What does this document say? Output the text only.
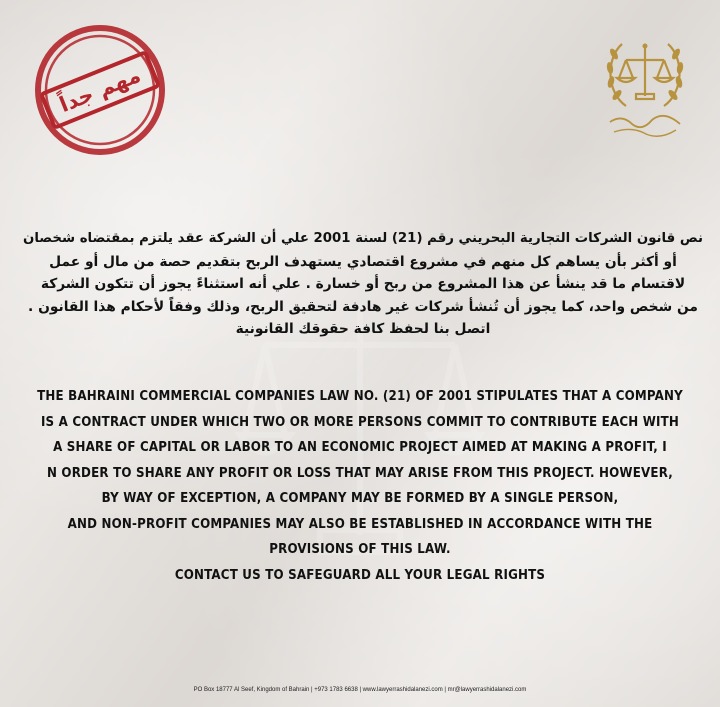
مهم جداً
نص قانون الشركات التجارية البحريني رقم (21) لسنة 2001 علي أن الشركة عقد يلتزم بمقتضاه شخصان
أو أكثر بأن يساهم كل منهم في مشروع اقتصادي يستهدف الربح بتقديم حصة من مال أو عمل
لاقتسام ما قد ينشأ عن هذا المشروع من ربح أو خسارة . علي أنه استثناءً يجوز أن تتكون الشركة
من شخص واحد، كما يجوز أن تُنشأ شركات غير هادفة لتحقيق الربح، وذلك وفقاً لأحكام هذا القانون .
اتصل بنا لحفظ كافة حقوقك القانونية
THE BAHRAINI COMMERCIAL COMPANIES LAW NO. (21) OF 2001 STIPULATES THAT A COMPANY
IS A CONTRACT UNDER WHICH TWO OR MORE PERSONS COMMIT TO CONTRIBUTE EACH WITH
A SHARE OF CAPITAL OR LABOR TO AN ECONOMIC PROJECT AIMED AT MAKING A PROFIT, I
N ORDER TO SHARE ANY PROFIT OR LOSS THAT MAY ARISE FROM THIS PROJECT. HOWEVER,
BY WAY OF EXCEPTION, A COMPANY MAY BE FORMED BY A SINGLE PERSON,
AND NON-PROFIT COMPANIES MAY ALSO BE ESTABLISHED IN ACCORDANCE WITH THE
PROVISIONS OF THIS LAW.
CONTACT US TO SAFEGUARD ALL YOUR LEGAL RIGHTS
PO Box 18777 Al Seef, Kingdom of Bahrain | +973 1783 6638 | www.lawyerrashidalanezi.com | mr@lawyerrashidalanezi.com
